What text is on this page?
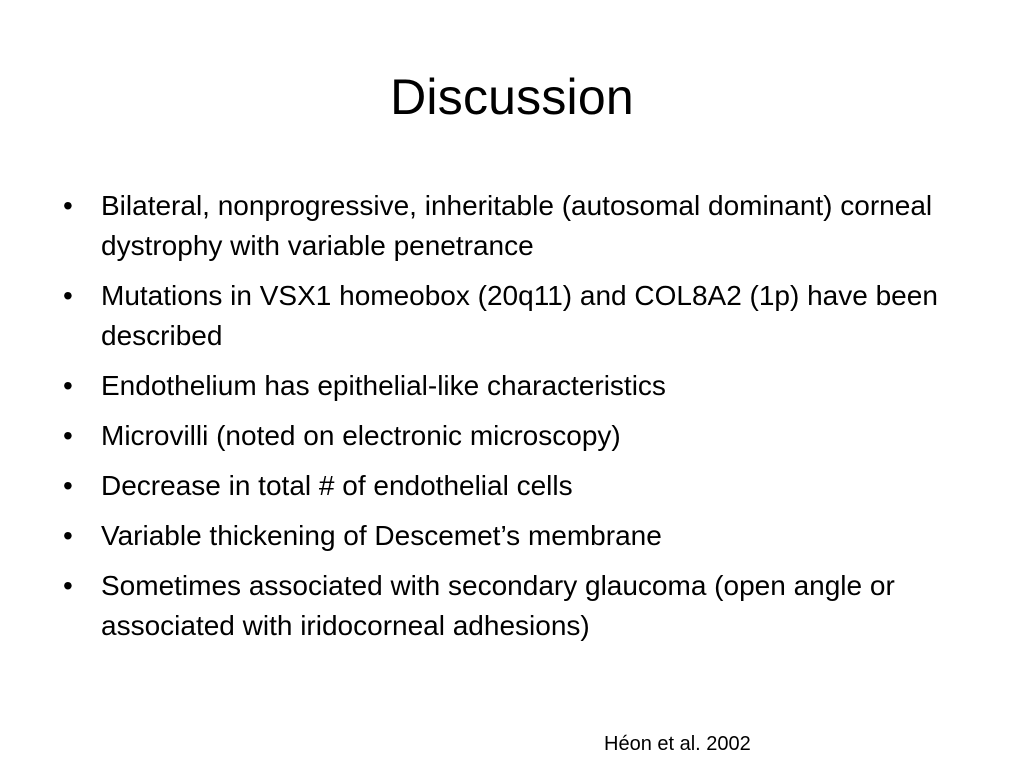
Discussion
• Bilateral, nonprogressive, inheritable (autosomal dominant) corneal dystrophy with variable penetrance
• Mutations in VSX1 homeobox (20q11) and COL8A2 (1p) have been described
• Endothelium has epithelial-like characteristics
• Microvilli (noted on electronic microscopy)
• Decrease in total # of endothelial cells
• Variable thickening of Descemet’s membrane
• Sometimes associated with secondary glaucoma (open angle or associated with iridocorneal adhesions)
Héon et al. 2002
